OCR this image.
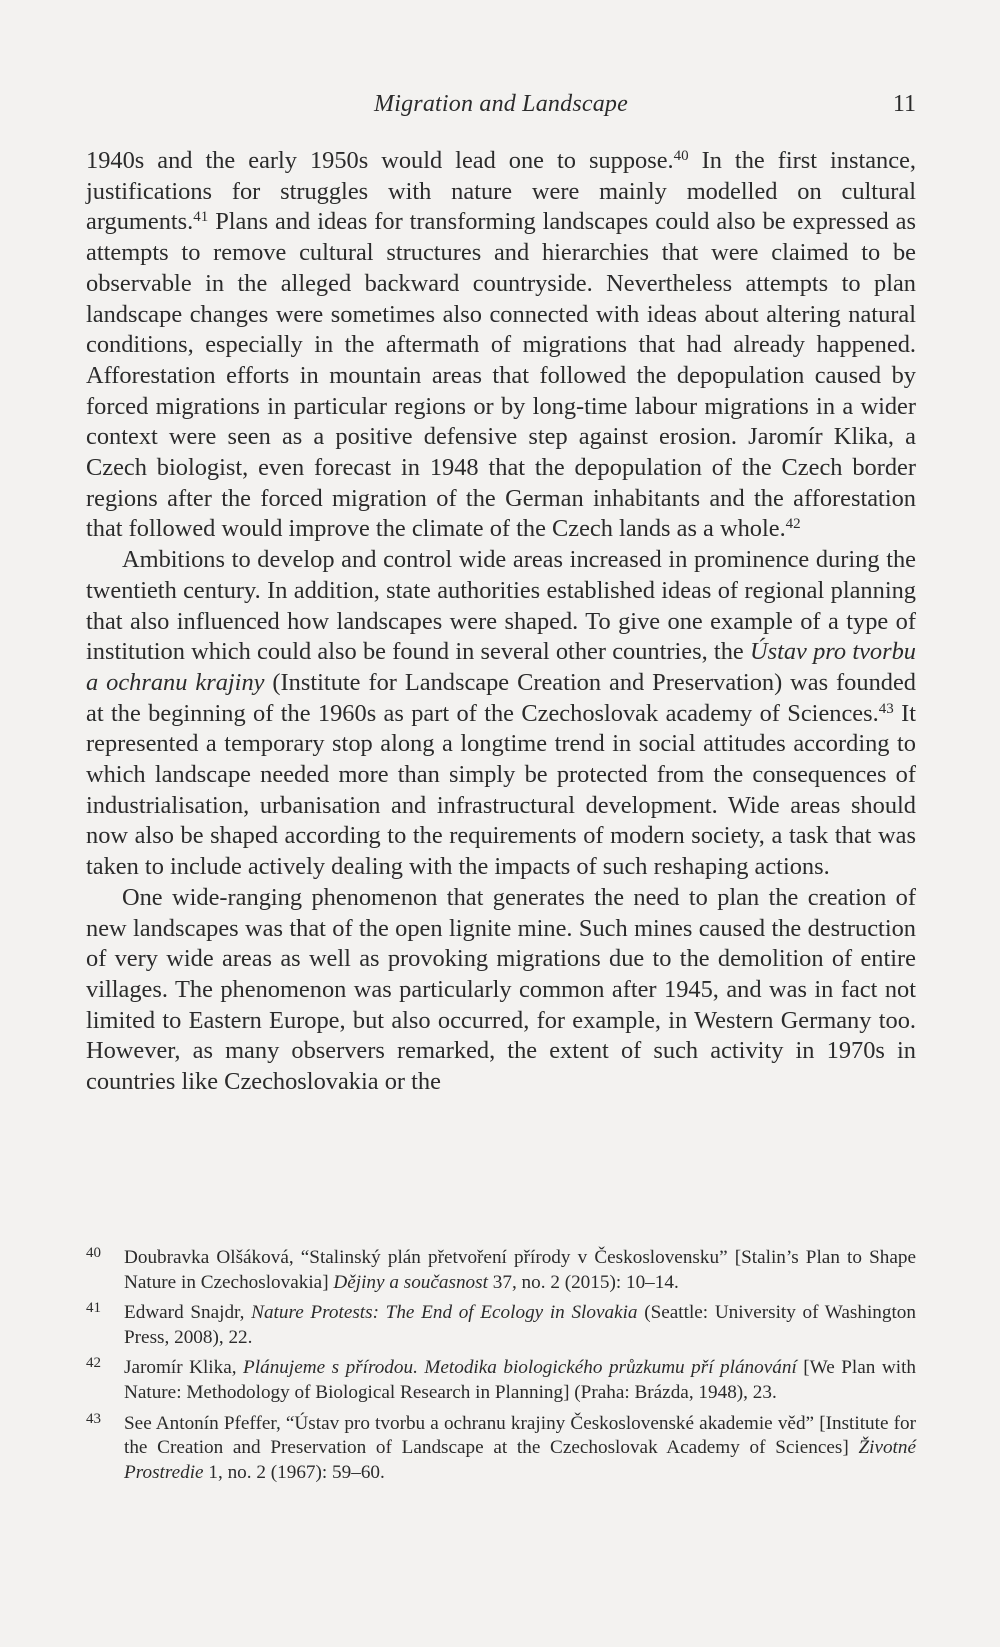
Migration and Landscape	11

1940s and the early 1950s would lead one to suppose.$^{40}$ In the first instance, justifications for struggles with nature were mainly modelled on cultural arguments.$^{41}$ Plans and ideas for transforming landscapes could also be expressed as attempts to remove cultural structures and hierarchies that were claimed to be observable in the alleged backward countryside. Nevertheless attempts to plan landscape changes were sometimes also connected with ideas about altering natural conditions, especially in the aftermath of migrations that had already happened. Afforestation efforts in mountain areas that followed the depopulation caused by forced migrations in particular regions or by long-time labour migrations in a wider context were seen as a positive defensive step against erosion. Jaromír Klika, a Czech biologist, even forecast in 1948 that the depopulation of the Czech border regions after the forced migration of the German inhabitants and the afforestation that followed would improve the climate of the Czech lands as a whole.$^{42}$

Ambitions to develop and control wide areas increased in prominence during the twentieth century. In addition, state authorities established ideas of regional planning that also influenced how landscapes were shaped. To give one example of a type of institution which could also be found in several other countries, the Ústav pro tvorbu a ochranu krajiny (Institute for Landscape Creation and Preservation) was founded at the beginning of the 1960s as part of the Czechoslovak academy of Sciences.$^{43}$ It represented a temporary stop along a longtime trend in social attitudes according to which landscape needed more than simply be protected from the consequences of industrialisation, urbanisation and infrastructural development. Wide areas should now also be shaped according to the requirements of modern society, a task that was taken to include actively dealing with the impacts of such reshaping actions.

One wide-ranging phenomenon that generates the need to plan the creation of new landscapes was that of the open lignite mine. Such mines caused the destruction of very wide areas as well as provoking migrations due to the demolition of entire villages. The phenomenon was particularly common after 1945, and was in fact not limited to Eastern Europe, but also occurred, for example, in Western Germany too. However, as many observers remarked, the extent of such activity in 1970s in countries like Czechoslovakia or the

40 Doubravka Olšáková, “Stalinský plán přetvoření přírody v Československu” [Stalin’s Plan to Shape Nature in Czechoslovakia] Dějiny a současnost 37, no. 2 (2015): 10–14.
41 Edward Snajdr, Nature Protests: The End of Ecology in Slovakia (Seattle: University of Washington Press, 2008), 22.
42 Jaromír Klika, Plánujeme s přírodou. Metodika biologického průzkumu pří plánování [We Plan with Nature: Methodology of Biological Research in Planning] (Praha: Brázda, 1948), 23.
43 See Antonín Pfeffer, “Ústav pro tvorbu a ochranu krajiny Československé akademie věd” [Institute for the Creation and Preservation of Landscape at the Czechoslovak Academy of Sciences] Životné Prostredie 1, no. 2 (1967): 59–60.
